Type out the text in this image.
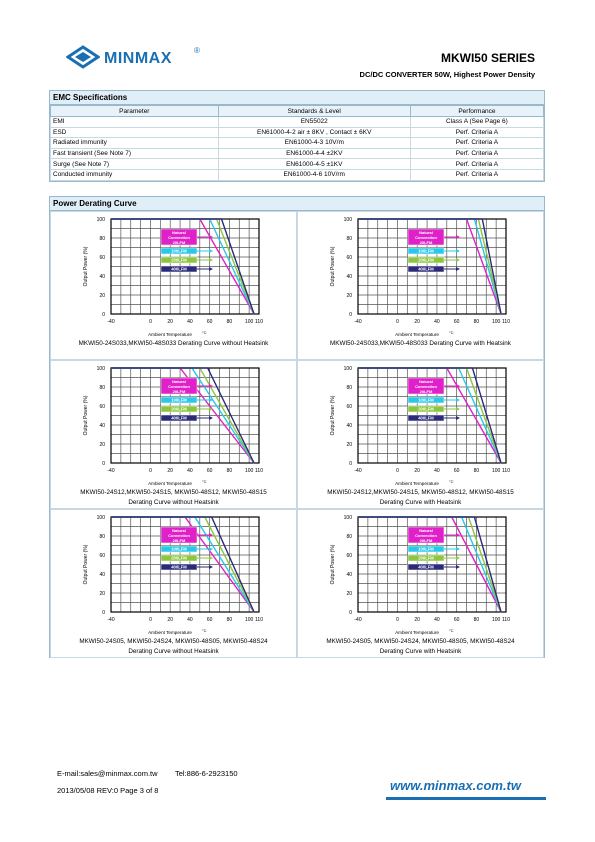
MINMAX	®
MKWI50 SERIES
DC/DC CONVERTER 50W, Highest Power Density
EMC Specifications
Parameter	Standards & Level	Performance
EMI	EN55022	Class A (See Page 6)
ESD	EN61000-4-2 air ± 8KV , Contact ± 6KV	Perf. Criteria A
Radiated immunity	EN61000-4-3 10V/m	Perf. Criteria A
Fast transient (See Note 7)	EN61000-4-4 ±2KV	Perf. Criteria A
Surge (See Note 7)	EN61000-4-5 ±1KV	Perf. Criteria A
Conducted immunity	EN61000-4-6 10V/rm	Perf. Criteria A
Power Derating Curve
0
20
40
60
80
100
-40	0	20	40	60	80	100 110
Output Power (%)
Ambient Temperature	°C
Natural Convection 20LFM
100LFM
200LFM
400LFM
MKWI50-24S033,MKWI50-48S033 Derating Curve without Heatsink
0
20
40
60
80
100
-40	0	20	40	60	80	100 110
Output Power (%)
Ambient Temperature	°C
Natural Convection 20LFM
100LFM
200LFM
400LFM
MKWI50-24S033,MKWI50-48S033 Derating Curve with Heatsink
0
20
40
60
80
100
-40	0	20	40	60	80	100 110
Output Power (%)
Ambient Temperature	°C
Natural Convection 20LFM
100LFM
200LFM
400LFM
MKWI50-24S12,MKWI50-24S15, MKWI50-48S12, MKWI50-48S15
Derating Curve without Heatsink
0
20
40
60
80
100
-40	0	20	40	60	80	100 110
Output Power (%)
Ambient Temperature	°C
Natural Convection 20LFM
100LFM
200LFM
400LFM
MKWI50-24S12,MKWI50-24S15, MKWI50-48S12, MKWI50-48S15
Derating Curve with Heatsink
0
20
40
60
80
100
-40	0	20	40	60	80	100 110
Output Power (%)
Ambient Temperature	°C
Natural Convection 20LFM
100LFM
200LFM
400LFM
MKWI50-24S05, MKWI50-24S24, MKWI50-48S05, MKWI50-48S24
Derating Curve without Heatsink
0
20
40
60
80
100
-40	0	20	40	60	80	100 110
Output Power (%)
Ambient Temperature	°C
Natural Convection 20LFM
100LFM
200LFM
400LFM
MKWI50-24S05, MKWI50-24S24, MKWI50-48S05, MKWI50-48S24
Derating Curve with Heatsink
E-mail:sales@minmax.com.tw Tel:886-6-2923150
2013/05/08 REV:0 Page 3 of 8	www.minmax.com.tw
